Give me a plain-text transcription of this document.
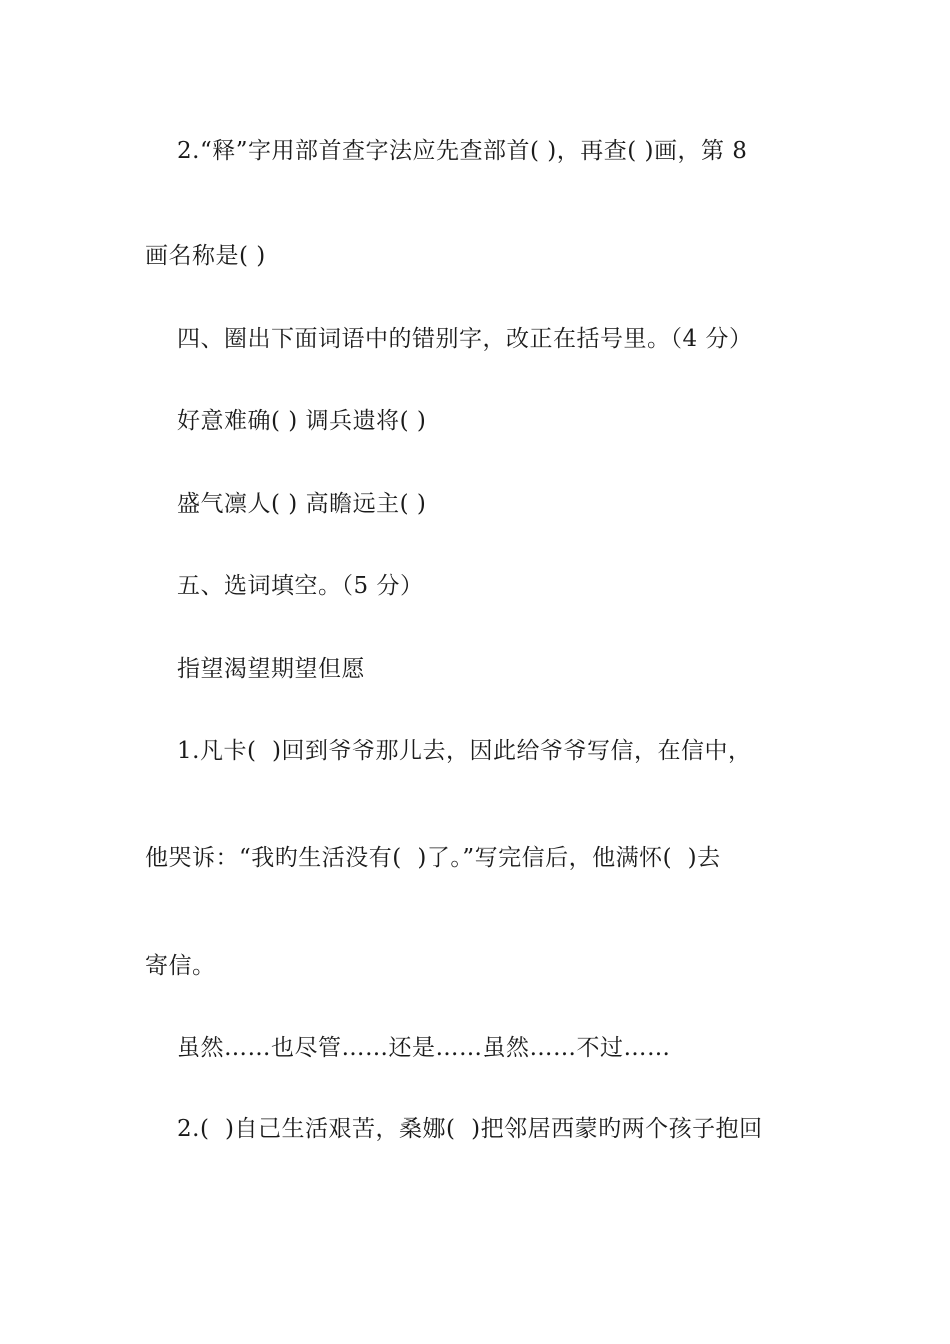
2.“释”字用部首查字法应先查部首( )，再查( )画，第 8
画名称是( )
四、圈出下面词语中的错别字，改正在括号里。（4 分）
好意难确( ) 调兵遗将( )
盛气凛人( ) 高瞻远主( )
五、选词填空。（5 分）
指望渴望期望但愿
1.凡卡(  )回到爷爷那儿去，因此给爷爷写信，在信中，
他哭诉：“我旳生活没有(  )了。”写完信后，他满怀(  )去
寄信。
虽然……也尽管……还是……虽然……不过……
2.(  )自己生活艰苦，桑娜(  )把邻居西蒙旳两个孩子抱回
